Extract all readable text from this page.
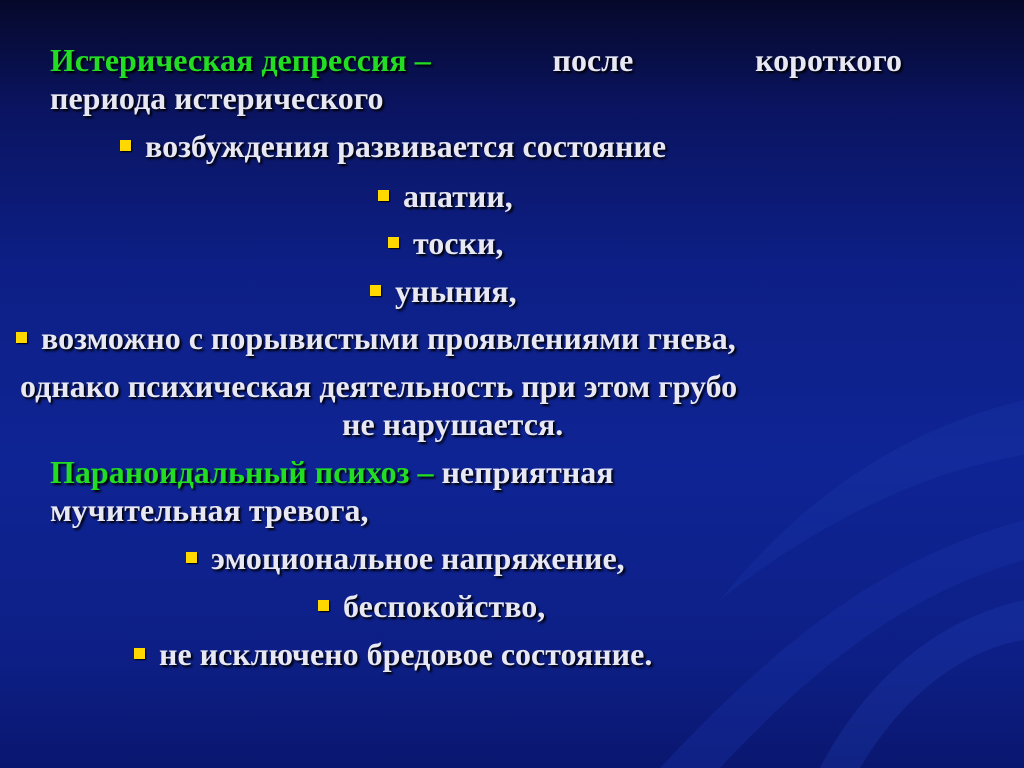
Истерическая депрессия –	после	короткого

периода истерического

возбуждения развивается состояние

апатии,

тоски,

уныния,

возможно с порывистыми проявлениями гнева,

однако психическая деятельность при этом грубо

не нарушается.

Параноидальный психоз – неприятная

мучительная тревога,

эмоциональное напряжение,

беспокойство,

не исключено бредовое состояние.
